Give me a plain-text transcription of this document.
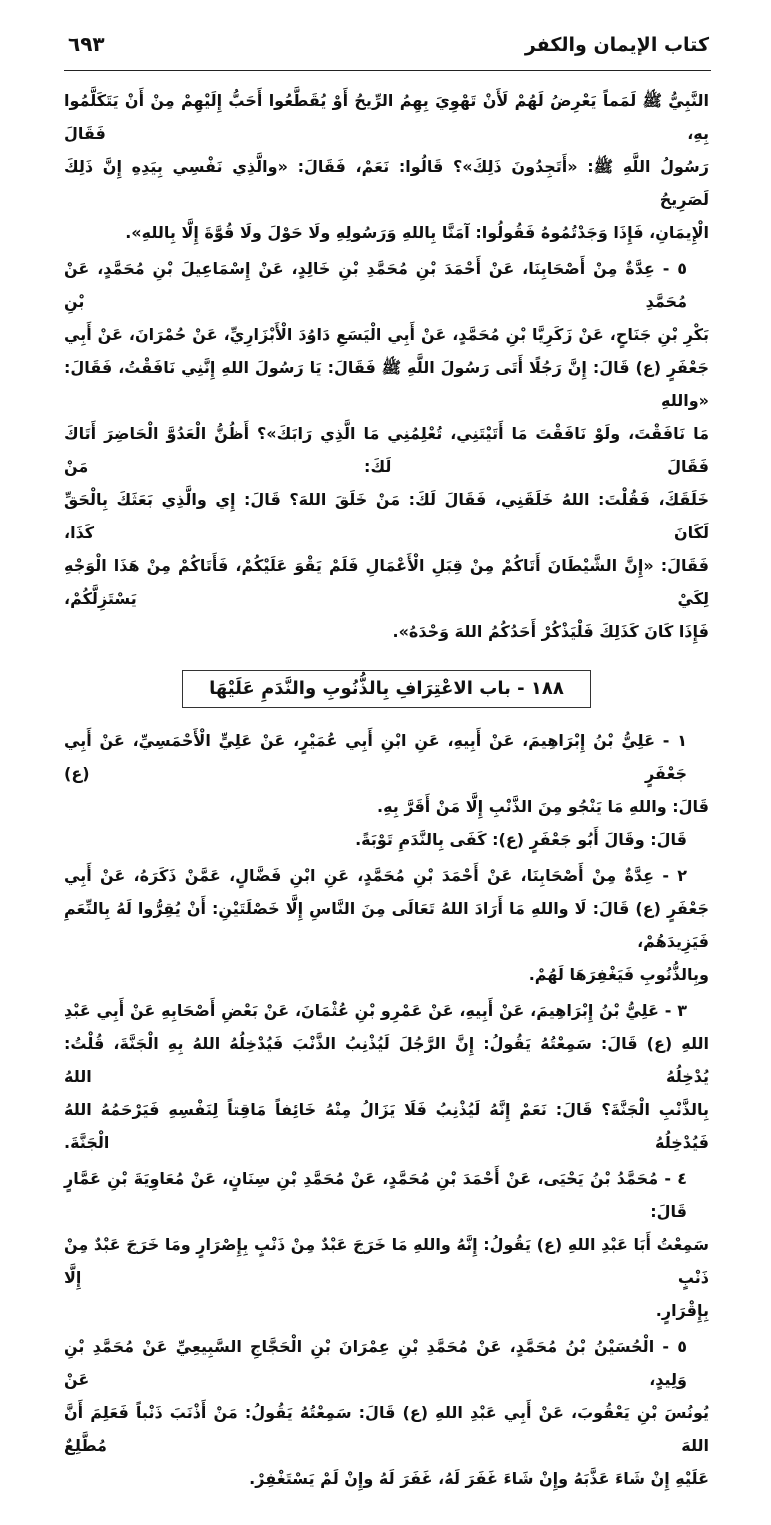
كتاب الإيمان والكفر
٦٩٣
النَّبِيُّ ﷺ لَمَماً يَعْرِضُ لَهُمْ لَأَنْ تَهْوِيَ بِهِمُ الرِّيحُ أَوْ يُقَطَّعُوا أَحَبُّ إِلَيْهِمْ مِنْ أَنْ يَتَكَلَّمُوا بِهِ، فَقَالَ
رَسُولُ اللَّهِ ﷺ: «أَتَجِدُونَ ذَلِكَ»؟ قَالُوا: نَعَمْ، فَقَالَ: «والَّذِي نَفْسِي بِيَدِهِ إِنَّ ذَلِكَ لَصَرِيحُ
الْإِيمَانِ، فَإِذَا وَجَدْتُمُوهُ فَقُولُوا: آمَنَّا بِاللهِ وَرَسُولِهِ ولَا حَوْلَ ولَا قُوَّةَ إِلَّا بِاللهِ».
٥ - عِدَّةٌ مِنْ أَصْحَابِنَا، عَنْ أَحْمَدَ بْنِ مُحَمَّدِ بْنِ خَالِدٍ، عَنْ إِسْمَاعِيلَ بْنِ مُحَمَّدٍ، عَنْ مُحَمَّدِ بْنِ
بَكْرِ بْنِ جَنَاحٍ، عَنْ زَكَرِيَّا بْنِ مُحَمَّدٍ، عَنْ أَبِي الْيَسَعِ دَاوُدَ الْأَبْزَارِيِّ، عَنْ حُمْرَانَ، عَنْ أَبِي
جَعْفَرٍ (ع) قَالَ: إِنَّ رَجُلًا أَتَى رَسُولَ اللَّهِ ﷺ فَقَالَ: يَا رَسُولَ اللهِ إِنَّنِي نَافَقْتُ، فَقَالَ: «واللهِ
مَا نَافَقْتَ، ولَوْ نَافَقْتَ مَا أَتَيْتَنِي، تُعْلِمُنِي مَا الَّذِي رَابَكَ»؟ أَظُنُّ الْعَدُوَّ الْحَاضِرَ أَتَاكَ فَقَالَ لَكَ: مَنْ
خَلَقَكَ، فَقُلْتَ: اللهُ خَلَقَنِي، فَقَالَ لَكَ: مَنْ خَلَقَ اللهَ؟ قَالَ: إِي والَّذِي بَعَثَكَ بِالْحَقِّ لَكَانَ كَذَا،
فَقَالَ: «إِنَّ الشَّيْطَانَ أَتَاكُمْ مِنْ قِبَلِ الْأَعْمَالِ فَلَمْ يَقْوَ عَلَيْكُمْ، فَأَتَاكُمْ مِنْ هَذَا الْوَجْهِ لِكَيْ يَسْتَزِلَّكُمْ،
فَإِذَا كَانَ كَذَلِكَ فَلْيَذْكُرْ أَحَدُكُمُ اللهَ وَحْدَهُ».
١٨٨ - باب الاعْتِرَافِ بِالذُّنُوبِ والنَّدَمِ عَلَيْهَا
١ - عَلِيُّ بْنُ إِبْرَاهِيمَ، عَنْ أَبِيهِ، عَنِ ابْنِ أَبِي عُمَيْرٍ، عَنْ عَلِيٍّ الْأَحْمَسِيِّ، عَنْ أَبِي جَعْفَرٍ (ع)
قَالَ: واللهِ مَا يَنْجُو مِنَ الذَّنْبِ إِلَّا مَنْ أَقَرَّ بِهِ.
قَالَ: وقَالَ أَبُو جَعْفَرٍ (ع): كَفَى بِالنَّدَمِ تَوْبَةً.
٢ - عِدَّةٌ مِنْ أَصْحَابِنَا، عَنْ أَحْمَدَ بْنِ مُحَمَّدٍ، عَنِ ابْنِ فَضَّالٍ، عَمَّنْ ذَكَرَهُ، عَنْ أَبِي
جَعْفَرٍ (ع) قَالَ: لَا واللهِ مَا أَرَادَ اللهُ تَعَالَى مِنَ النَّاسِ إِلَّا خَصْلَتَيْنِ: أَنْ يُقِرُّوا لَهُ بِالنِّعَمِ فَيَزِيدَهُمْ،
وبِالذُّنُوبِ فَيَغْفِرَهَا لَهُمْ.
٣ - عَلِيُّ بْنُ إِبْرَاهِيمَ، عَنْ أَبِيهِ، عَنْ عَمْرِو بْنِ عُثْمَانَ، عَنْ بَعْضِ أَصْحَابِهِ عَنْ أَبِي عَبْدِ
اللهِ (ع) قَالَ: سَمِعْتُهُ يَقُولُ: إِنَّ الرَّجُلَ لَيُذْنِبُ الذَّنْبَ فَيُدْخِلُهُ اللهُ بِهِ الْجَنَّةَ، قُلْتُ: يُدْخِلُهُ اللهُ
بِالذَّنْبِ الْجَنَّةَ؟ قَالَ: نَعَمْ إِنَّهُ لَيُذْنِبُ فَلَا يَزَالُ مِنْهُ خَائِفاً مَاقِتاً لِنَفْسِهِ فَيَرْحَمُهُ اللهُ فَيُدْخِلُهُ الْجَنَّةَ.
٤ - مُحَمَّدُ بْنُ يَحْيَى، عَنْ أَحْمَدَ بْنِ مُحَمَّدٍ، عَنْ مُحَمَّدِ بْنِ سِنَانٍ، عَنْ مُعَاوِيَةَ بْنِ عَمَّارٍ قَالَ:
سَمِعْتُ أَبَا عَبْدِ اللهِ (ع) يَقُولُ: إِنَّهُ واللهِ مَا خَرَجَ عَبْدٌ مِنْ ذَنْبٍ بِإِصْرَارٍ ومَا خَرَجَ عَبْدٌ مِنْ ذَنْبٍ إِلَّا
بِإِقْرَارٍ.
٥ - الْحُسَيْنُ بْنُ مُحَمَّدٍ، عَنْ مُحَمَّدِ بْنِ عِمْرَانَ بْنِ الْحَجَّاجِ السَّبِيعِيِّ عَنْ مُحَمَّدِ بْنِ وَلِيدٍ، عَنْ
يُونُسَ بْنِ يَعْقُوبَ، عَنْ أَبِي عَبْدِ اللهِ (ع) قَالَ: سَمِعْتُهُ يَقُولُ: مَنْ أَذْنَبَ ذَنْباً فَعَلِمَ أَنَّ اللهَ مُطَّلِعٌ
عَلَيْهِ إِنْ شَاءَ عَذَّبَهُ وإِنْ شَاءَ غَفَرَ لَهُ، غَفَرَ لَهُ وإِنْ لَمْ يَسْتَغْفِرْ.
